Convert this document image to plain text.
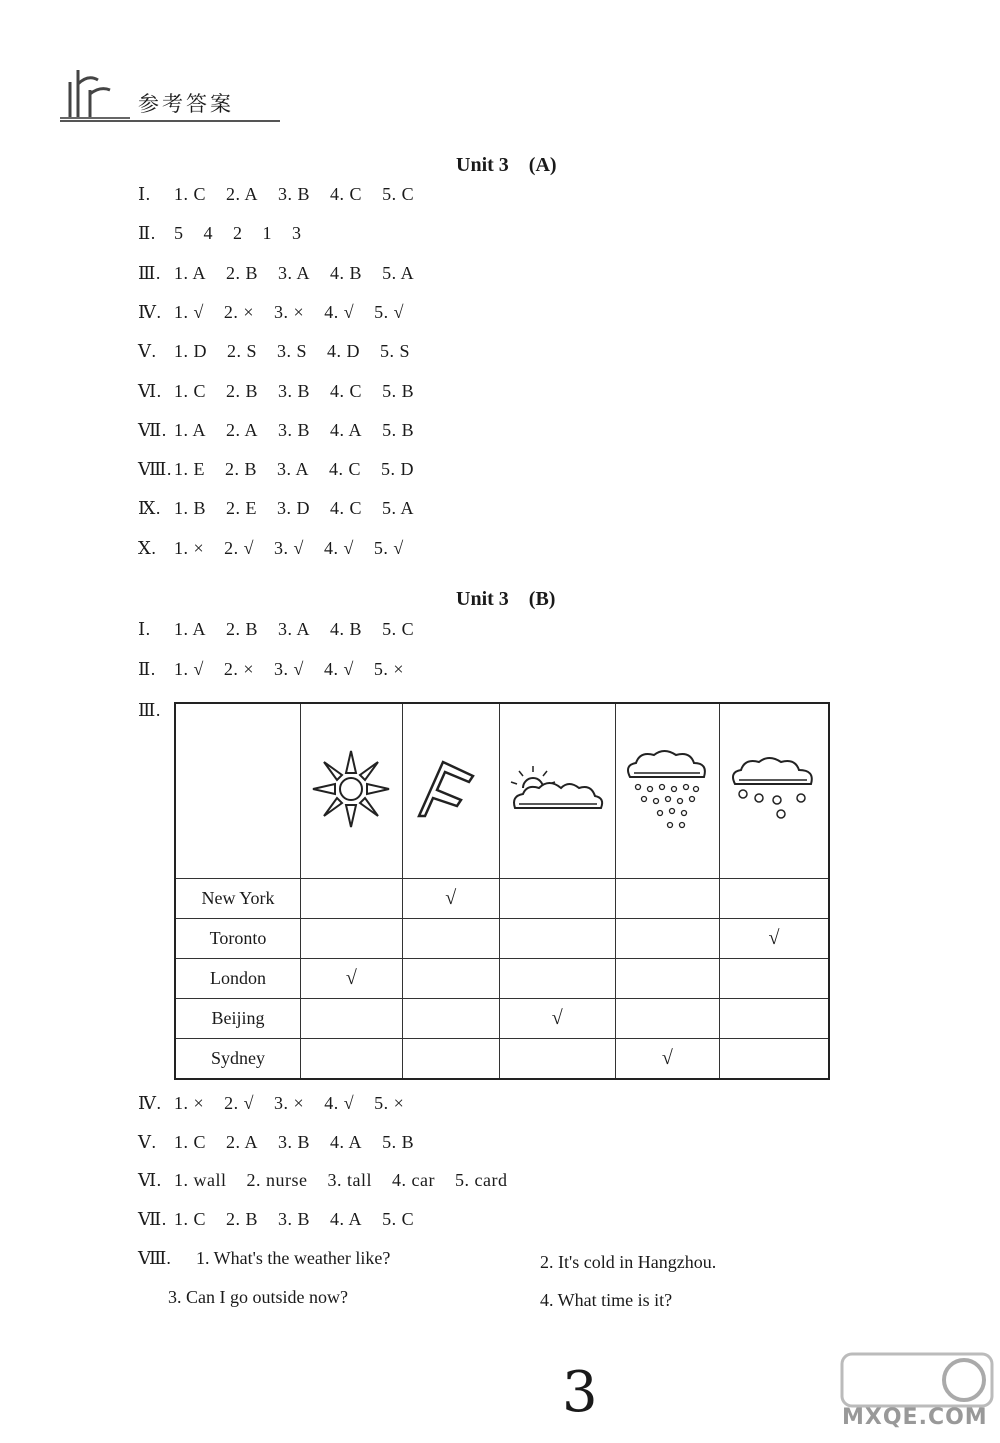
参考答案
Unit 3　(A)
Ⅰ. 1. C 2. A 3. B 4. C 5. C
Ⅱ. 5 4 2 1 3
Ⅲ. 1. A 2. B 3. A 4. B 5. A
Ⅳ. 1. √ 2. × 3. × 4. √ 5. √
Ⅴ. 1. D 2. S 3. S 4. D 5. S
Ⅵ. 1. C 2. B 3. B 4. C 5. B
Ⅶ. 1. A 2. A 3. B 4. A 5. B
Ⅷ. 1. E 2. B 3. A 4. C 5. D
Ⅸ. 1. B 2. E 3. D 4. C 5. A
Ⅹ. 1. × 2. √ 3. √ 4. √ 5. √
Unit 3　(B)
Ⅰ. 1. A 2. B 3. A 4. B 5. C
Ⅱ. 1. √ 2. × 3. √ 4. √ 5. ×
Ⅲ.

New York		√			
Toronto					√
London	√				
Beijing			√		
Sydney				√	
Ⅳ. 1. × 2. √ 3. × 4. √ 5. ×
Ⅴ. 1. C 2. A 3. B 4. A 5. B
Ⅵ. 1. wall 2. nurse 3. tall 4. car 5. card
Ⅶ. 1. C 2. B 3. B 4. A 5. C
Ⅷ. 1. What's the weather like?	2. It's cold in Hangzhou.
3. Can I go outside now?	4. What time is it?
3	MXQE.COM
